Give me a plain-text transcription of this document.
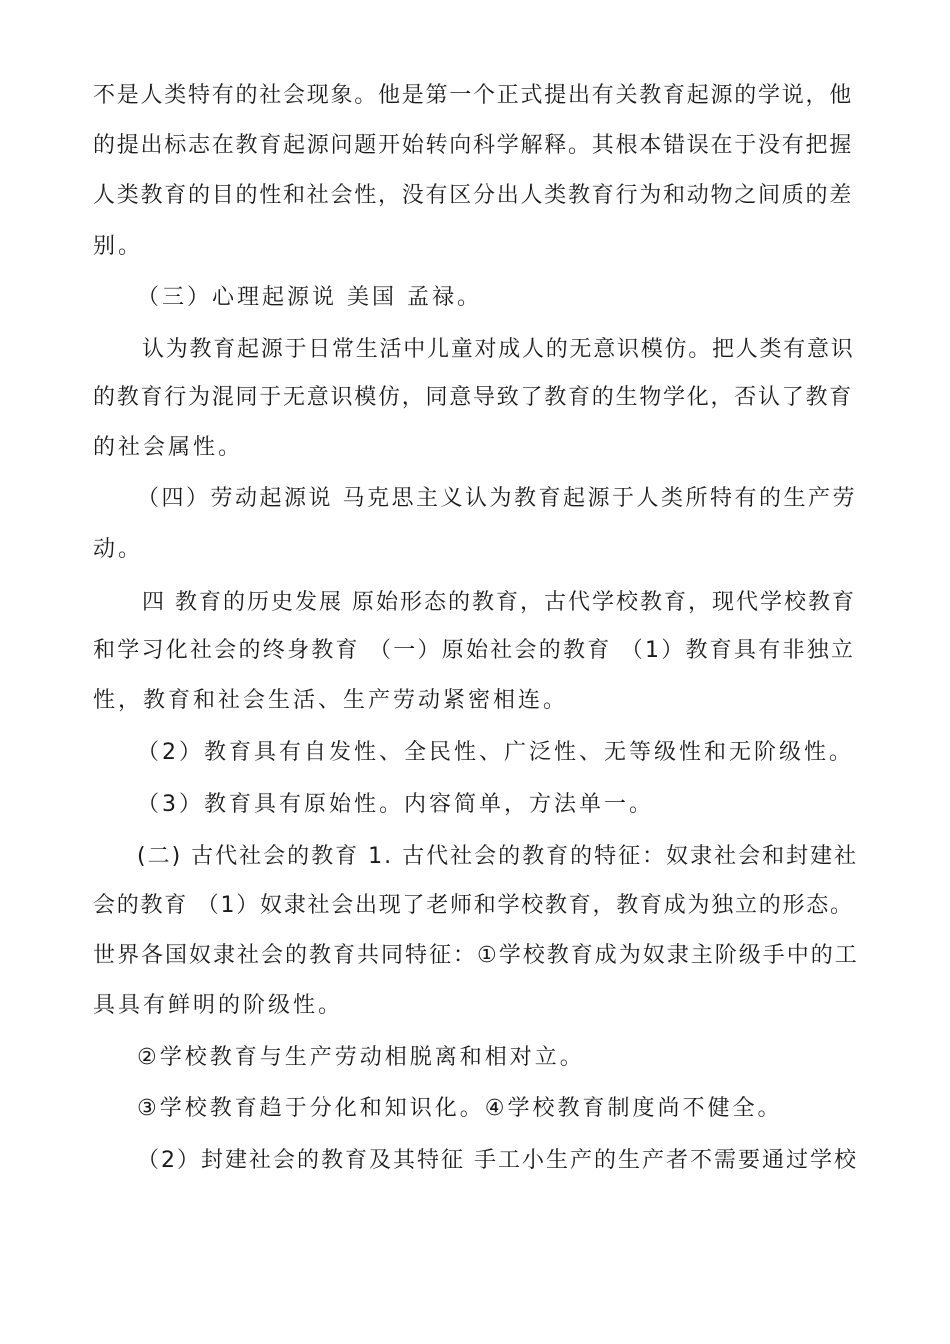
不是人类特有的社会现象。他是第一个正式提出有关教育起源的学说，他
的提出标志在教育起源问题开始转向科学解释。其根本错误在于没有把握
人类教育的目的性和社会性，没有区分出人类教育行为和动物之间质的差
别。
（三）心理起源说 美国 孟禄。
认为教育起源于日常生活中儿童对成人的无意识模仿。把人类有意识
的教育行为混同于无意识模仿，同意导致了教育的生物学化，否认了教育
的社会属性。
（四）劳动起源说 马克思主义认为教育起源于人类所特有的生产劳
动。
四 教育的历史发展 原始形态的教育，古代学校教育，现代学校教育
和学习化社会的终身教育 （一）原始社会的教育 （1）教育具有非独立
性，教育和社会生活、生产劳动紧密相连。
（2）教育具有自发性、全民性、广泛性、无等级性和无阶级性。
（3）教育具有原始性。内容简单，方法单一。
(二) 古代社会的教育 1. 古代社会的教育的特征：奴隶社会和封建社
会的教育 （1）奴隶社会出现了老师和学校教育，教育成为独立的形态。
世界各国奴隶社会的教育共同特征：①学校教育成为奴隶主阶级手中的工
具具有鲜明的阶级性。
②学校教育与生产劳动相脱离和相对立。
③学校教育趋于分化和知识化。④学校教育制度尚不健全。
（2）封建社会的教育及其特征 手工小生产的生产者不需要通过学校
